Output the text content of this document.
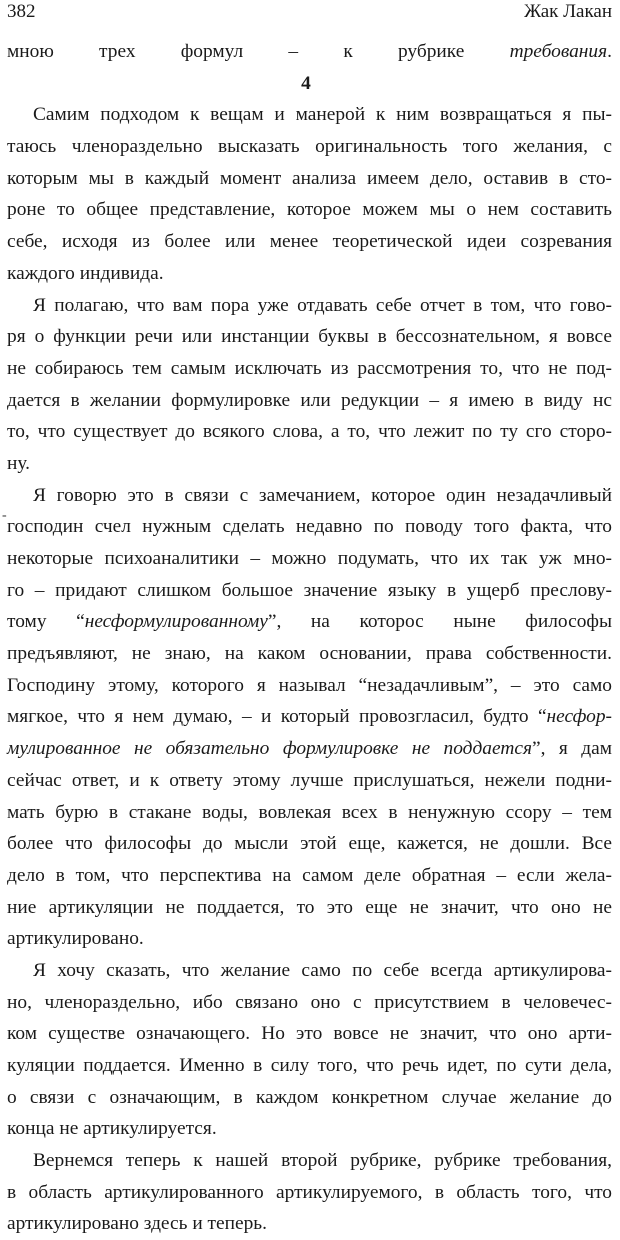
382	Жак Лакан
-
мною трех формул – к рубрике требования.
4
Самим подходом к вещам и манерой к ним возвращаться я пы-
таюсь членораздельно высказать оригинальность того желания, с
которым мы в каждый момент анализа имеем дело, оставив в сто-
роне то общее представление, которое можем мы о нем составить
себе, исходя из более или менее теоретической идеи созревания
каждого индивида.
Я полагаю, что вам пора уже отдавать себе отчет в том, что гово-
ря о функции речи или инстанции буквы в бессознательном, я вовсе
не собираюсь тем самым исключать из рассмотрения то, что не под-
дается в желании формулировке или редукции – я имею в виду нс
то, что существует до всякого слова, а то, что лежит по ту сго сторо-
ну.
Я говорю это в связи с замечанием, которое один незадачливый
господин счел нужным сделать недавно по поводу того факта, что
некоторые психоаналитики – можно подумать, что их так уж мно-
го – придают слишком большое значение языку в ущерб преслову-
тому “несформулированному”, на которос ныне философы
предъявляют, не знаю, на каком основании, права собственности.
Господину этому, которого я называл “незадачливым”, – это само
мягкое, что я нем думаю, – и который провозгласил, будто “несфор-
мулированное не обязательно формулировке не поддается”, я дам
сейчас ответ, и к ответу этому лучше прислушаться, нежели подни-
мать бурю в стакане воды, вовлекая всех в ненужную ссору – тем
более что философы до мысли этой еще, кажется, не дошли. Все
дело в том, что перспектива на самом деле обратная – если жела-
ние артикуляции не поддается, то это еще не значит, что оно не
артикулировано.
Я хочу сказать, что желание само по себе всегда артикулирова-
но, членораздельно, ибо связано оно с присутствием в человечес-
ком существе означающего. Но это вовсе не значит, что оно арти-
куляции поддается. Именно в силу того, что речь идет, по сути дела,
о связи с означающим, в каждом конкретном случае желание до
конца не артикулируется.
Вернемся теперь к нашей второй рубрике, рубрике требования,
в область артикулированного артикулируемого, в область того, что
артикулировано здесь и теперь.
